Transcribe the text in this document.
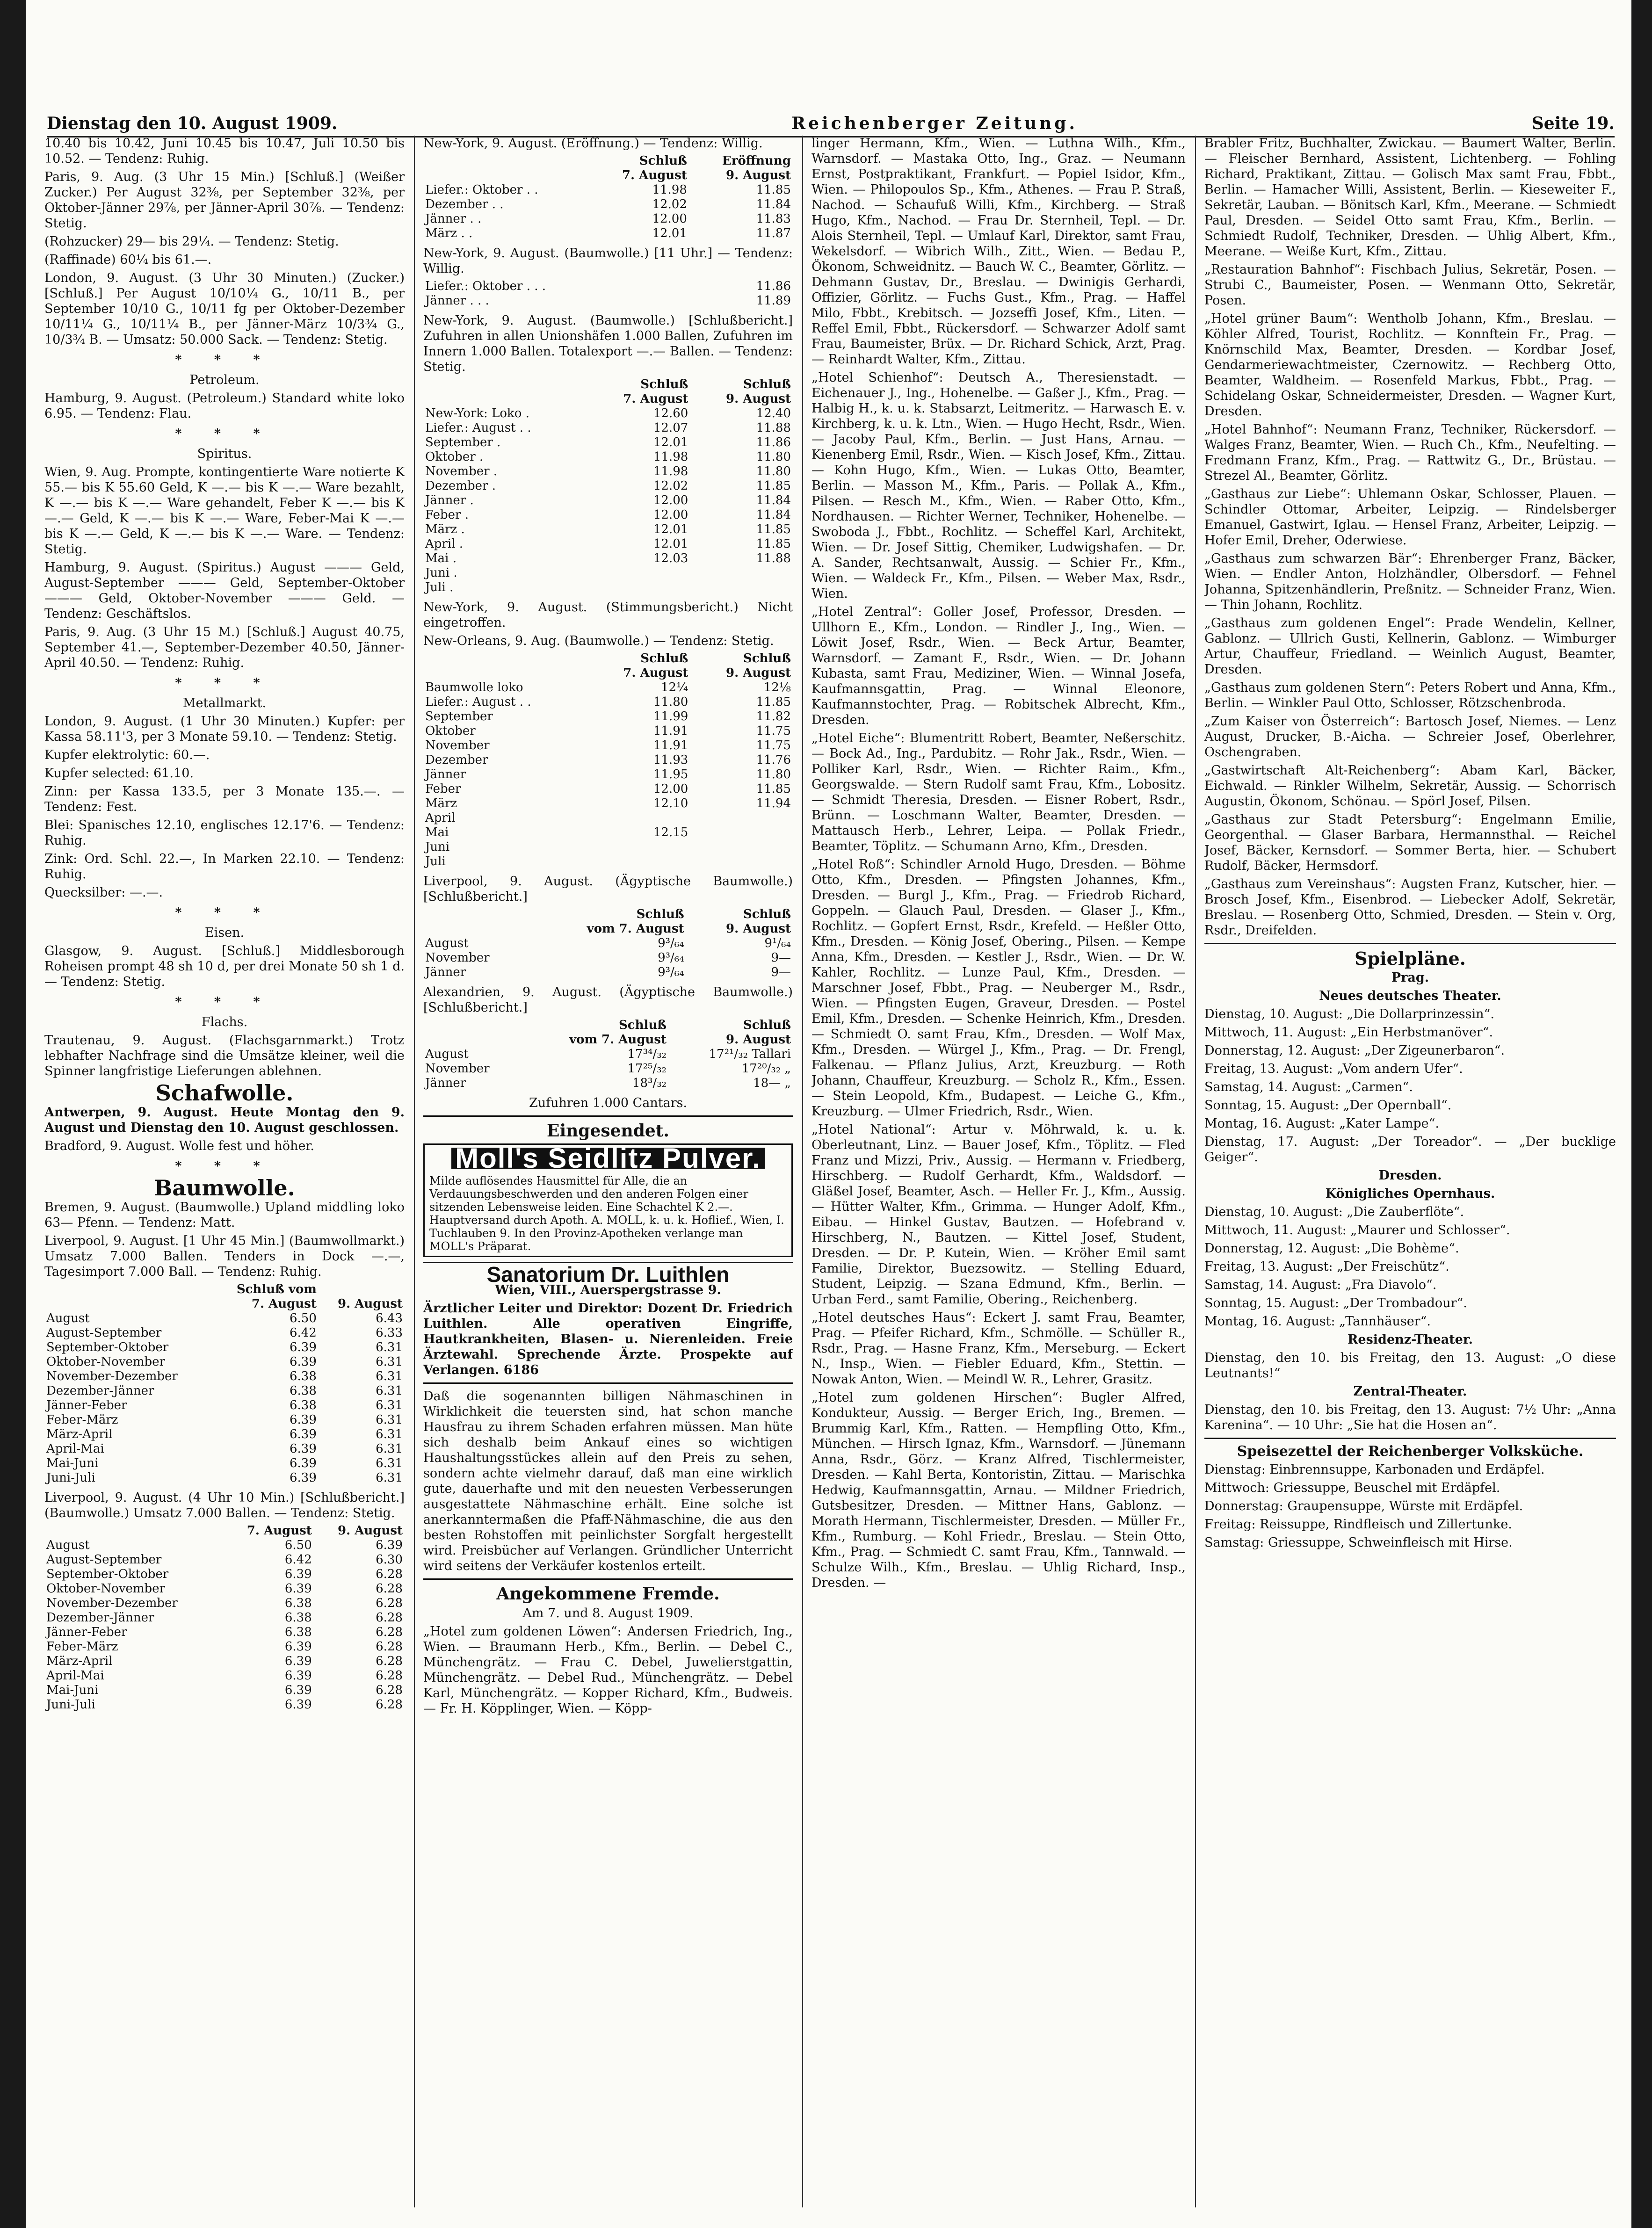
Dienstag den 10. August 1909.	Reichenberger Zeitung.	Seite 19.

10.40 bis 10.42, Juni 10.45 bis 10.47, Juli 10.50 bis 10.52. — Tendenz: Ruhig.

Paris, 9. Aug. (3 Uhr 15 Min.) [Schluß.] (Weißer Zucker.) Per August 32⅜, per September 32⅜, per Oktober-Jänner 29⅞, per Jänner-April 30⅞. — Tendenz: Stetig.

(Rohzucker) 29— bis 29¼. — Tendenz: Stetig.

(Raffinade) 60¼ bis 61.—.

London, 9. August. (3 Uhr 30 Minuten.) (Zucker.) [Schluß.] Per August 10/10¼ G., 10/11 B., per September 10/10 G., 10/11 fg per Oktober-Dezember 10/11¼ G., 10/11¼ B., per Jänner-März 10/3¾ G., 10/3¾ B. — Umsatz: 50.000 Sack. — Tendenz: Stetig.

* * *
Petroleum.

Hamburg, 9. August. (Petroleum.) Standard white loko 6.95. — Tendenz: Flau.

* * *
Spiritus.

Wien, 9. Aug. Prompte, kontingentierte Ware notierte K 55.— bis K 55.60 Geld, K —.— bis K —.— Ware bezahlt, K —.— bis K —.— Ware gehandelt, Feber K —.— bis K —.— Geld, K —.— bis K —.— Ware, Feber-Mai K —.— bis K —.— Geld, K —.— bis K —.— Ware. — Tendenz: Stetig.

Hamburg, 9. August. (Spiritus.) August ——— Geld, August-September ——— Geld, September-Oktober ——— Geld, Oktober-November ——— Geld. — Tendenz: Geschäftslos.

Paris, 9. Aug. (3 Uhr 15 M.) [Schluß.] August 40.75, September 41.—, September-Dezember 40.50, Jänner-April 40.50. — Tendenz: Ruhig.

* * *
Metallmarkt.

London, 9. August. (1 Uhr 30 Minuten.) Kupfer: per Kassa 58.11'3, per 3 Monate 59.10. — Tendenz: Stetig.

Kupfer elektrolytic: 60.—.

Kupfer selected: 61.10.

Zinn: per Kassa 133.5, per 3 Monate 135.—. — Tendenz: Fest.

Blei: Spanisches 12.10, englisches 12.17'6. — Tendenz: Ruhig.

Zink: Ord. Schl. 22.—, In Marken 22.10. — Tendenz: Ruhig.

Quecksilber: —.—.

* * *
Eisen.

Glasgow, 9. August. [Schluß.] Middlesborough Roheisen prompt 48 sh 10 d, per drei Monate 50 sh 1 d. — Tendenz: Stetig.

* * *
Flachs.

Trautenau, 9. August. (Flachsgarnmarkt.) Trotz lebhafter Nachfrage sind die Umsätze kleiner, weil die Spinner langfristige Lieferungen ablehnen.

Schafwolle.

Antwerpen, 9. August. Heute Montag den 9. August und Dienstag den 10. August geschlossen.

Bradford, 9. August. Wolle fest und höher.

* * *
Baumwolle.

Bremen, 9. August. (Baumwolle.) Upland middling loko 63— Pfenn. — Tendenz: Matt.

Liverpool, 9. August. [1 Uhr 45 Min.] (Baumwollmarkt.) Umsatz 7.000 Ballen. Tenders in Dock —.—, Tagesimport 7.000 Ball. — Tendenz: Ruhig.

	Schluß vom	
	7. August	9. August
August	6.50	6.43
August-September	6.42	6.33
September-Oktober	6.39	6.31
Oktober-November	6.39	6.31
November-Dezember	6.38	6.31
Dezember-Jänner	6.38	6.31
Jänner-Feber	6.38	6.31
Feber-März	6.39	6.31
März-April	6.39	6.31
April-Mai	6.39	6.31
Mai-Juni	6.39	6.31
Juni-Juli	6.39	6.31

Liverpool, 9. August. (4 Uhr 10 Min.) [Schlußbericht.] (Baumwolle.) Umsatz 7.000 Ballen. — Tendenz: Stetig.

	7. August	9. August
August	6.50	6.39
August-September	6.42	6.30
September-Oktober	6.39	6.28
Oktober-November	6.39	6.28
November-Dezember	6.38	6.28
Dezember-Jänner	6.38	6.28
Jänner-Feber	6.38	6.28
Feber-März	6.39	6.28
März-April	6.39	6.28
April-Mai	6.39	6.28
Mai-Juni	6.39	6.28
Juni-Juli	6.39	6.28

New-York, 9. August. (Eröffnung.) — Tendenz: Willig.

	Schluß	Eröffnung
	7. August	9. August
Liefer.: Oktober . .	11.98	11.85
Dezember . .	12.02	11.84
Jänner . .	12.00	11.83
März . .	12.01	11.87

New-York, 9. August. (Baumwolle.) [11 Uhr.] — Tendenz: Willig.

Liefer.: Oktober . . .	11.86
Jänner . . .	11.89

New-York, 9. August. (Baumwolle.) [Schlußbericht.] Zufuhren in allen Unionshäfen 1.000 Ballen, Zufuhren im Innern 1.000 Ballen. Totalexport —.— Ballen. — Tendenz: Stetig.

	Schluß	Schluß
	7. August	9. August
New-York: Loko .	12.60	12.40
Liefer.: August . .	12.07	11.88
September .	12.01	11.86
Oktober .	11.98	11.80
November .	11.98	11.80
Dezember .	12.02	11.85
Jänner .	12.00	11.84
Feber .	12.00	11.84
März .	12.01	11.85
April .	12.01	11.85
Mai .	12.03	11.88
Juni .		
Juli .		

New-York, 9. August. (Stimmungsbericht.) Nicht eingetroffen.

New-Orleans, 9. Aug. (Baumwolle.) — Tendenz: Stetig.

	Schluß	Schluß
	7. August	9. August
Baumwolle loko	12¼	12⅛
Liefer.: August . .	11.80	11.85
September	11.99	11.82
Oktober	11.91	11.75
November	11.91	11.75
Dezember	11.93	11.76
Jänner	11.95	11.80
Feber	12.00	11.85
März	12.10	11.94
April		
Mai	12.15	
Juni		
Juli		

Liverpool, 9. August. (Ägyptische Baumwolle.) [Schlußbericht.]

	Schluß	Schluß
	vom 7. August	9. August
August	9³/₆₄	9¹/₆₄
November	9³/₆₄	9—
Jänner	9³/₆₄	9—

Alexandrien, 9. August. (Ägyptische Baumwolle.) [Schlußbericht.]

	Schluß	Schluß
	vom 7. August	9. August
August	17³⁴/₃₂	17²¹/₃₂ Tallari
November	17²⁵/₃₂	17²⁰/₃₂ „
Jänner	18³/₃₂	18— „

Zufuhren 1.000 Cantars.

Eingesendet.
Moll's Seidlitz Pulver.

Milde auflösendes Hausmittel für Alle, die an Verdauungsbeschwerden und den anderen Folgen einer sitzenden Lebensweise leiden. Eine Schachtel K 2.—. Hauptversand durch Apoth. A. MOLL, k. u. k. Hoflief., Wien, I. Tuchlauben 9. In den Provinz-Apotheken verlange man MOLL's Präparat.

Sanatorium Dr. Luithlen

Wien, VIII., Auerspergstrasse 9.

Ärztlicher Leiter und Direktor: Dozent Dr. Friedrich Luithlen. Alle operativen Eingriffe, Hautkrankheiten, Blasen- u. Nierenleiden. Freie Ärztewahl. Sprechende Ärzte. Prospekte auf Verlangen. 6186

Daß die sogenannten billigen Nähmaschinen in Wirklichkeit die teuersten sind, hat schon manche Hausfrau zu ihrem Schaden erfahren müssen. Man hüte sich deshalb beim Ankauf eines so wichtigen Haushaltungsstückes allein auf den Preis zu sehen, sondern achte vielmehr darauf, daß man eine wirklich gute, dauerhafte und mit den neuesten Verbesserungen ausgestattete Nähmaschine erhält. Eine solche ist anerkanntermaßen die Pfaff-Nähmaschine, die aus den besten Rohstoffen mit peinlichster Sorgfalt hergestellt wird. Preisbücher auf Verlangen. Gründlicher Unterricht wird seitens der Verkäufer kostenlos erteilt.

Angekommene Fremde.
Am 7. und 8. August 1909.

„Hotel zum goldenen Löwen“: Andersen Friedrich, Ing., Wien. — Braumann Herb., Kfm., Berlin. — Debel C., Münchengrätz. — Frau C. Debel, Juwelierstgattin, Münchengrätz. — Debel Rud., Münchengrätz. — Debel Karl, Münchengrätz. — Kopper Richard, Kfm., Budweis. — Fr. H. Köpplinger, Wien. — Köpp-

linger Hermann, Kfm., Wien. — Luthna Wilh., Kfm., Warnsdorf. — Mastaka Otto, Ing., Graz. — Neumann Ernst, Postpraktikant, Frankfurt. — Popiel Isidor, Kfm., Wien. — Philopoulos Sp., Kfm., Athenes. — Frau P. Straß, Nachod. — Schaufuß Willi, Kfm., Kirchberg. — Straß Hugo, Kfm., Nachod. — Frau Dr. Sternheil, Tepl. — Dr. Alois Sternheil, Tepl. — Umlauf Karl, Direktor, samt Frau, Wekelsdorf. — Wibrich Wilh., Zitt., Wien. — Bedau P., Ökonom, Schweidnitz. — Bauch W. C., Beamter, Görlitz. — Dehmann Gustav, Dr., Breslau. — Dwinigis Gerhardi, Offizier, Görlitz. — Fuchs Gust., Kfm., Prag. — Haffel Milo, Fbbt., Krebitsch. — Jozseffi Josef, Kfm., Liten. — Reffel Emil, Fbbt., Rückersdorf. — Schwarzer Adolf samt Frau, Baumeister, Brüx. — Dr. Richard Schick, Arzt, Prag. — Reinhardt Walter, Kfm., Zittau.

„Hotel Schienhof“: Deutsch A., Theresienstadt. — Eichenauer J., Ing., Hohenelbe. — Gaßer J., Kfm., Prag. — Halbig H., k. u. k. Stabsarzt, Leitmeritz. — Harwasch E. v. Kirchberg, k. u. k. Ltn., Wien. — Hugo Hecht, Rsdr., Wien. — Jacoby Paul, Kfm., Berlin. — Just Hans, Arnau. — Kienenberg Emil, Rsdr., Wien. — Kisch Josef, Kfm., Zittau. — Kohn Hugo, Kfm., Wien. — Lukas Otto, Beamter, Berlin. — Masson M., Kfm., Paris. — Pollak A., Kfm., Pilsen. — Resch M., Kfm., Wien. — Raber Otto, Kfm., Nordhausen. — Richter Werner, Techniker, Hohenelbe. — Swoboda J., Fbbt., Rochlitz. — Scheffel Karl, Architekt, Wien. — Dr. Josef Sittig, Chemiker, Ludwigshafen. — Dr. A. Sander, Rechtsanwalt, Aussig. — Schier Fr., Kfm., Wien. — Waldeck Fr., Kfm., Pilsen. — Weber Max, Rsdr., Wien.

„Hotel Zentral“: Goller Josef, Professor, Dresden. — Ullhorn E., Kfm., London. — Rindler J., Ing., Wien. — Löwit Josef, Rsdr., Wien. — Beck Artur, Beamter, Warnsdorf. — Zamant F., Rsdr., Wien. — Dr. Johann Kubasta, samt Frau, Mediziner, Wien. — Winnal Josefa, Kaufmannsgattin, Prag. — Winnal Eleonore, Kaufmannstochter, Prag. — Robitschek Albrecht, Kfm., Dresden.

„Hotel Eiche“: Blumentritt Robert, Beamter, Neßerschitz. — Bock Ad., Ing., Pardubitz. — Rohr Jak., Rsdr., Wien. — Polliker Karl, Rsdr., Wien. — Richter Raim., Kfm., Georgswalde. — Stern Rudolf samt Frau, Kfm., Lobositz. — Schmidt Theresia, Dresden. — Eisner Robert, Rsdr., Brünn. — Loschmann Walter, Beamter, Dresden. — Mattausch Herb., Lehrer, Leipa. — Pollak Friedr., Beamter, Töplitz. — Schumann Arno, Kfm., Dresden.

„Hotel Roß“: Schindler Arnold Hugo, Dresden. — Böhme Otto, Kfm., Dresden. — Pfingsten Johannes, Kfm., Dresden. — Burgl J., Kfm., Prag. — Friedrob Richard, Goppeln. — Glauch Paul, Dresden. — Glaser J., Kfm., Rochlitz. — Gopfert Ernst, Rsdr., Krefeld. — Heßler Otto, Kfm., Dresden. — König Josef, Obering., Pilsen. — Kempe Anna, Kfm., Dresden. — Kestler J., Rsdr., Wien. — Dr. W. Kahler, Rochlitz. — Lunze Paul, Kfm., Dresden. — Marschner Josef, Fbbt., Prag. — Neuberger M., Rsdr., Wien. — Pfingsten Eugen, Graveur, Dresden. — Postel Emil, Kfm., Dresden. — Schenke Heinrich, Kfm., Dresden. — Schmiedt O. samt Frau, Kfm., Dresden. — Wolf Max, Kfm., Dresden. — Würgel J., Kfm., Prag. — Dr. Frengl, Falkenau. — Pflanz Julius, Arzt, Kreuzburg. — Roth Johann, Chauffeur, Kreuzburg. — Scholz R., Kfm., Essen. — Stein Leopold, Kfm., Budapest. — Leiche G., Kfm., Kreuzburg. — Ulmer Friedrich, Rsdr., Wien.

„Hotel National“: Artur v. Möhrwald, k. u. k. Oberleutnant, Linz. — Bauer Josef, Kfm., Töplitz. — Fled Franz und Mizzi, Priv., Aussig. — Hermann v. Friedberg, Hirschberg. — Rudolf Gerhardt, Kfm., Waldsdorf. — Gläßel Josef, Beamter, Asch. — Heller Fr. J., Kfm., Aussig. — Hütter Walter, Kfm., Grimma. — Hunger Adolf, Kfm., Eibau. — Hinkel Gustav, Bautzen. — Hofebrand v. Hirschberg, N., Bautzen. — Kittel Josef, Student, Dresden. — Dr. P. Kutein, Wien. — Kröher Emil samt Familie, Direktor, Buezsowitz. — Stelling Eduard, Student, Leipzig. — Szana Edmund, Kfm., Berlin. — Urban Ferd., samt Familie, Obering., Reichenberg.

„Hotel deutsches Haus“: Eckert J. samt Frau, Beamter, Prag. — Pfeifer Richard, Kfm., Schmölle. — Schüller R., Rsdr., Prag. — Hasne Franz, Kfm., Merseburg. — Eckert N., Insp., Wien. — Fiebler Eduard, Kfm., Stettin. — Nowak Anton, Wien. — Meindl W. R., Lehrer, Grasitz.

„Hotel zum goldenen Hirschen“: Bugler Alfred, Kondukteur, Aussig. — Berger Erich, Ing., Bremen. — Brummig Karl, Kfm., Ratten. — Hempfling Otto, Kfm., München. — Hirsch Ignaz, Kfm., Warnsdorf. — Jünemann Anna, Rsdr., Görz. — Kranz Alfred, Tischlermeister, Dresden. — Kahl Berta, Kontoristin, Zittau. — Marischka Hedwig, Kaufmannsgattin, Arnau. — Mildner Friedrich, Gutsbesitzer, Dresden. — Mittner Hans, Gablonz. — Morath Hermann, Tischlermeister, Dresden. — Müller Fr., Kfm., Rumburg. — Kohl Friedr., Breslau. — Stein Otto, Kfm., Prag. — Schmiedt C. samt Frau, Kfm., Tannwald. — Schulze Wilh., Kfm., Breslau. — Uhlig Richard, Insp., Dresden. —

Brabler Fritz, Buchhalter, Zwickau. — Baumert Walter, Berlin. — Fleischer Bernhard, Assistent, Lichtenberg. — Fohling Richard, Praktikant, Zittau. — Golisch Max samt Frau, Fbbt., Berlin. — Hamacher Willi, Assistent, Berlin. — Kieseweiter F., Sekretär, Lauban. — Bönitsch Karl, Kfm., Meerane. — Schmiedt Paul, Dresden. — Seidel Otto samt Frau, Kfm., Berlin. — Schmiedt Rudolf, Techniker, Dresden. — Uhlig Albert, Kfm., Meerane. — Weiße Kurt, Kfm., Zittau.

„Restauration Bahnhof“: Fischbach Julius, Sekretär, Posen. — Strubi C., Baumeister, Posen. — Wenmann Otto, Sekretär, Posen.

„Hotel grüner Baum“: Wentholb Johann, Kfm., Breslau. — Köhler Alfred, Tourist, Rochlitz. — Konnftein Fr., Prag. — Knörnschild Max, Beamter, Dresden. — Kordbar Josef, Gendarmeriewachtmeister, Czernowitz. — Rechberg Otto, Beamter, Waldheim. — Rosenfeld Markus, Fbbt., Prag. — Schidelang Oskar, Schneidermeister, Dresden. — Wagner Kurt, Dresden.

„Hotel Bahnhof“: Neumann Franz, Techniker, Rückersdorf. — Walges Franz, Beamter, Wien. — Ruch Ch., Kfm., Neufelting. — Fredmann Franz, Kfm., Prag. — Rattwitz G., Dr., Brüstau. — Strezel Al., Beamter, Görlitz.

„Gasthaus zur Liebe“: Uhlemann Oskar, Schlosser, Plauen. — Schindler Ottomar, Arbeiter, Leipzig. — Rindelsberger Emanuel, Gastwirt, Iglau. — Hensel Franz, Arbeiter, Leipzig. — Hofer Emil, Dreher, Oderwiese.

„Gasthaus zum schwarzen Bär“: Ehrenberger Franz, Bäcker, Wien. — Endler Anton, Holzhändler, Olbersdorf. — Fehnel Johanna, Spitzenhändlerin, Preßnitz. — Schneider Franz, Wien. — Thin Johann, Rochlitz.

„Gasthaus zum goldenen Engel“: Prade Wendelin, Kellner, Gablonz. — Ullrich Gusti, Kellnerin, Gablonz. — Wimburger Artur, Chauffeur, Friedland. — Weinlich August, Beamter, Dresden.

„Gasthaus zum goldenen Stern“: Peters Robert und Anna, Kfm., Berlin. — Winkler Paul Otto, Schlosser, Rötzschenbroda.

„Zum Kaiser von Österreich“: Bartosch Josef, Niemes. — Lenz August, Drucker, B.-Aicha. — Schreier Josef, Oberlehrer, Oschengraben.

„Gastwirtschaft Alt-Reichenberg“: Abam Karl, Bäcker, Eichwald. — Rinkler Wilhelm, Sekretär, Aussig. — Schorrisch Augustin, Ökonom, Schönau. — Spörl Josef, Pilsen.

„Gasthaus zur Stadt Petersburg“: Engelmann Emilie, Georgenthal. — Glaser Barbara, Hermannsthal. — Reichel Josef, Bäcker, Kernsdorf. — Sommer Berta, hier. — Schubert Rudolf, Bäcker, Hermsdorf.

„Gasthaus zum Vereinshaus“: Augsten Franz, Kutscher, hier. — Brosch Josef, Kfm., Eisenbrod. — Liebecker Adolf, Sekretär, Breslau. — Rosenberg Otto, Schmied, Dresden. — Stein v. Org, Rsdr., Dreifelden.

Spielpläne.
Prag.
Neues deutsches Theater.
Dienstag, 10. August: „Die Dollarprinzessin“.
Mittwoch, 11. August: „Ein Herbstmanöver“.
Donnerstag, 12. August: „Der Zigeunerbaron“.
Freitag, 13. August: „Vom andern Ufer“.
Samstag, 14. August: „Carmen“.
Sonntag, 15. August: „Der Opernball“.
Montag, 16. August: „Kater Lampe“.
Dienstag, 17. August: „Der Toreador“. — „Der bucklige Geiger“.
Dresden.
Königliches Opernhaus.
Dienstag, 10. August: „Die Zauberflöte“.
Mittwoch, 11. August: „Maurer und Schlosser“.
Donnerstag, 12. August: „Die Bohème“.
Freitag, 13. August: „Der Freischütz“.
Samstag, 14. August: „Fra Diavolo“.
Sonntag, 15. August: „Der Trombadour“.
Montag, 16. August: „Tannhäuser“.
Residenz-Theater.

Dienstag, den 10. bis Freitag, den 13. August: „O diese Leutnants!“

Zentral-Theater.

Dienstag, den 10. bis Freitag, den 13. August: 7½ Uhr: „Anna Karenina“. — 10 Uhr: „Sie hat die Hosen an“.

Speisezettel der Reichenberger Volksküche.
Dienstag: Einbrennsuppe, Karbonaden und Erdäpfel.
Mittwoch: Griessuppe, Beuschel mit Erdäpfel.
Donnerstag: Graupensuppe, Würste mit Erdäpfel.
Freitag: Reissuppe, Rindfleisch und Zillertunke.
Samstag: Griessuppe, Schweinfleisch mit Hirse.
